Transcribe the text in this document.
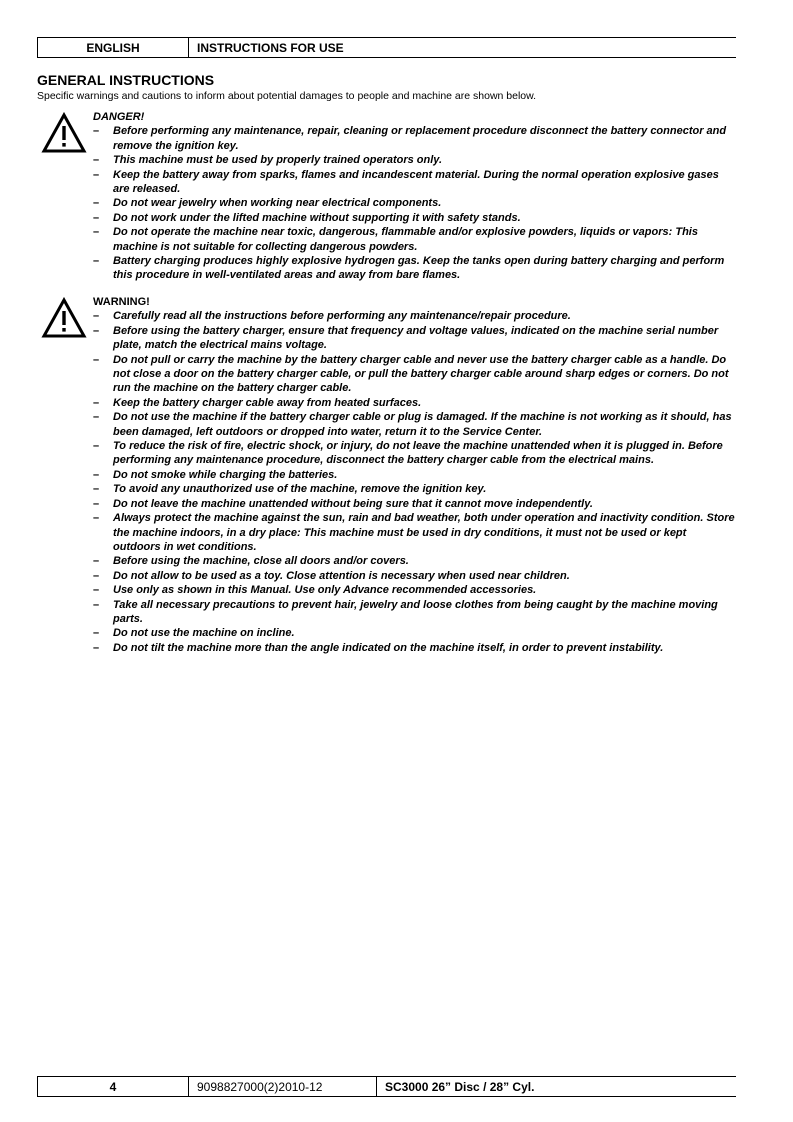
ENGLISH	INSTRUCTIONS FOR USE
GENERAL INSTRUCTIONS

Specific warnings and cautions to inform about potential damages to people and machine are shown below.

DANGER!

– Before performing any maintenance, repair, cleaning or replacement procedure disconnect the battery connector and remove the ignition key.
– This machine must be used by properly trained operators only.
– Keep the battery away from sparks, flames and incandescent material. During the normal operation explosive gases are released.
– Do not wear jewelry when working near electrical components.
– Do not work under the lifted machine without supporting it with safety stands.
– Do not operate the machine near toxic, dangerous, flammable and/or explosive powders, liquids or vapors: This machine is not suitable for collecting dangerous powders.
– Battery charging produces highly explosive hydrogen gas. Keep the tanks open during battery charging and perform this procedure in well-ventilated areas and away from bare flames.

WARNING!

– Carefully read all the instructions before performing any maintenance/repair procedure.
– Before using the battery charger, ensure that frequency and voltage values, indicated on the machine serial number plate, match the electrical mains voltage.
– Do not pull or carry the machine by the battery charger cable and never use the battery charger cable as a handle. Do not close a door on the battery charger cable, or pull the battery charger cable around sharp edges or corners. Do not run the machine on the battery charger cable.
– Keep the battery charger cable away from heated surfaces.
– Do not use the machine if the battery charger cable or plug is damaged. If the machine is not working as it should, has been damaged, left outdoors or dropped into water, return it to the Service Center.
– To reduce the risk of fire, electric shock, or injury, do not leave the machine unattended when it is plugged in. Before performing any maintenance procedure, disconnect the battery charger cable from the electrical mains.
– Do not smoke while charging the batteries.
– To avoid any unauthorized use of the machine, remove the ignition key.
– Do not leave the machine unattended without being sure that it cannot move independently.
– Always protect the machine against the sun, rain and bad weather, both under operation and inactivity condition. Store the machine indoors, in a dry place: This machine must be used in dry conditions, it must not be used or kept outdoors in wet conditions.
– Before using the machine, close all doors and/or covers.
– Do not allow to be used as a toy. Close attention is necessary when used near children.
– Use only as shown in this Manual. Use only Advance recommended accessories.
– Take all necessary precautions to prevent hair, jewelry and loose clothes from being caught by the machine moving parts.
– Do not use the machine on incline.
– Do not tilt the machine more than the angle indicated on the machine itself, in order to prevent instability.
4	9098827000(2)2010-12	SC3000 26” Disc / 28” Cyl.
